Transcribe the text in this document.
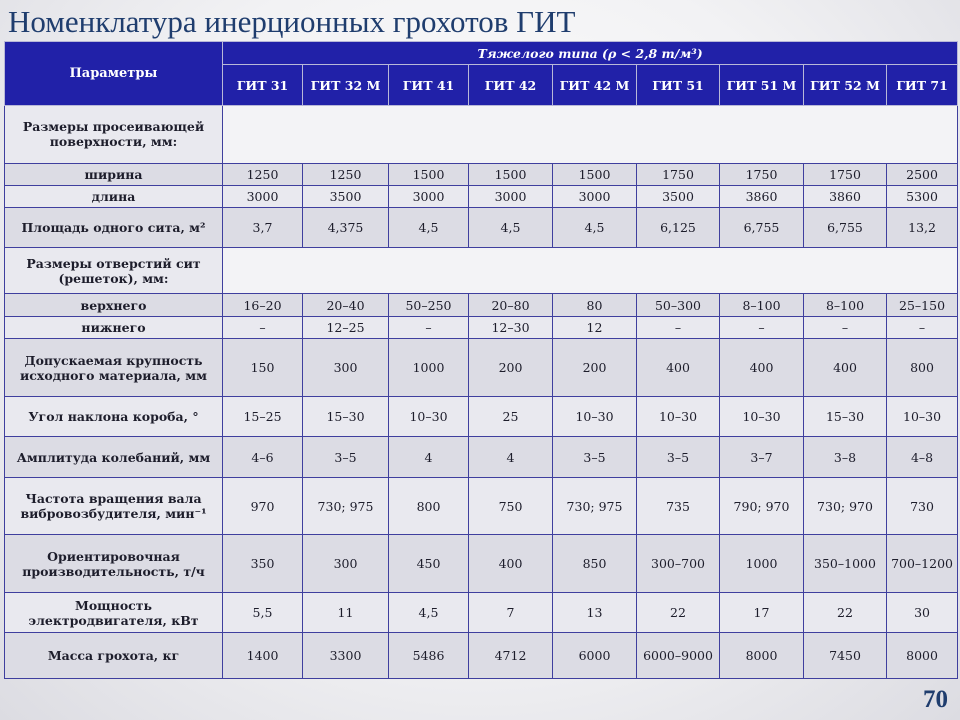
Номенклатура инерционных грохотов ГИТ
Параметры	Тяжелого типа (ρ < 2,8 т/м³)								
	ГИТ 31	ГИТ 32 М	ГИТ 41	ГИТ 42	ГИТ 42 М	ГИТ 51	ГИТ 51 М	ГИТ 52 М	ГИТ 71
Размеры просеивающей поверхности, мм:									
ширина	1250	1250	1500	1500	1500	1750	1750	1750	2500
длина	3000	3500	3000	3000	3000	3500	3860	3860	5300
Площадь одного сита, м²	3,7	4,375	4,5	4,5	4,5	6,125	6,755	6,755	13,2
Размеры отверстий сит (решеток), мм:									
верхнего	16–20	20–40	50–250	20–80	80	50–300	8–100	8–100	25–150
нижнего	–	12–25	–	12–30	12	–	–	–	–
Допускаемая крупность исходного материала, мм	150	300	1000	200	200	400	400	400	800
Угол наклона короба, °	15–25	15–30	10–30	25	10–30	10–30	10–30	15–30	10–30
Амплитуда колебаний, мм	4–6	3–5	4	4	3–5	3–5	3–7	3–8	4–8
Частота вращения вала вибровозбудителя, мин⁻¹	970	730; 975	800	750	730; 975	735	790; 970	730; 970	730
Ориентировочная производительность, т/ч	350	300	450	400	850	300–700	1000	350–1000	700–1200
Мощность электродвигателя, кВт	5,5	11	4,5	7	13	22	17	22	30
Масса грохота, кг	1400	3300	5486	4712	6000	6000–9000	8000	7450	8000
70
